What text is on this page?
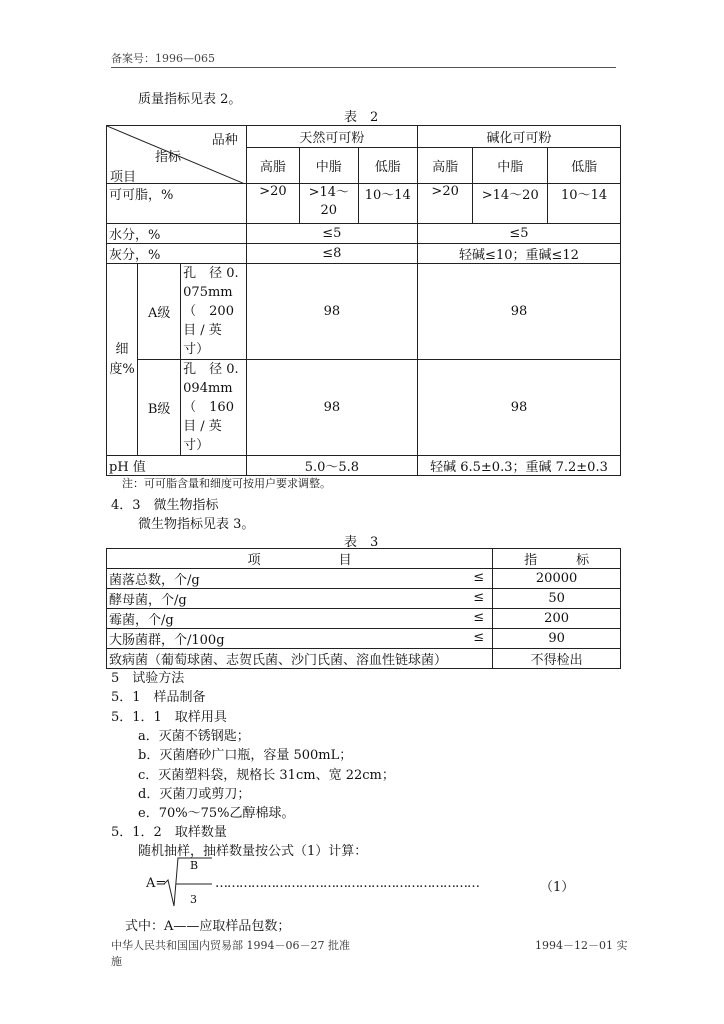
备案号：1996—065
质量指标见表 2。
表　2
品种
指标
项目			天然可可粉			碱化可可粉		
			高脂	中脂	低脂	高脂	中脂	低脂
可可脂，%			>20	>14～20	10～14	>20	>14～20	10～14
水分，%			≤5			≤5		
灰分，%			≤8			轻碱≤10；重碱≤12		
细度%	A级	孔　径 0.075mm （　200 目 / 英 寸）	98			98		
	B级	孔　径 0.094mm （　160 目 / 英 寸）	98			98		
pH 值			5.0～5.8			轻碱 6.5±0.3；重碱 7.2±0.3		
注：可可脂含量和细度可按用户要求调整。
4．3　微生物指标
微生物指标见表 3。
表　3
项　　　　　　目	指　　　标
菌落总数，个/g ≤	20000
酵母菌，个/g ≤	50
霉菌，个/g ≤	200
大肠菌群，个/100g ≤	90
致病菌（葡萄球菌、志贺氏菌、沙门氏菌、溶血性链球菌）	不得检出
5　试验方法
5．1　样品制备
5．1．1　取样用具
a．灭菌不锈钢匙；
b．灭菌磨砂广口瓶，容量 500mL；
c．灭菌塑料袋，规格长 31cm、宽 22cm；
d．灭菌刀或剪刀；
e．70%～75%乙醇棉球。
5．1．2　取样数量
随机抽样，抽样数量按公式（1）计算：
A=
B
3
…………………………………………………………	（1）
式中：A——应取样品包数；
中华人民共和国国内贸易部 1994－06－27 批准
施
1994－12－01 实
